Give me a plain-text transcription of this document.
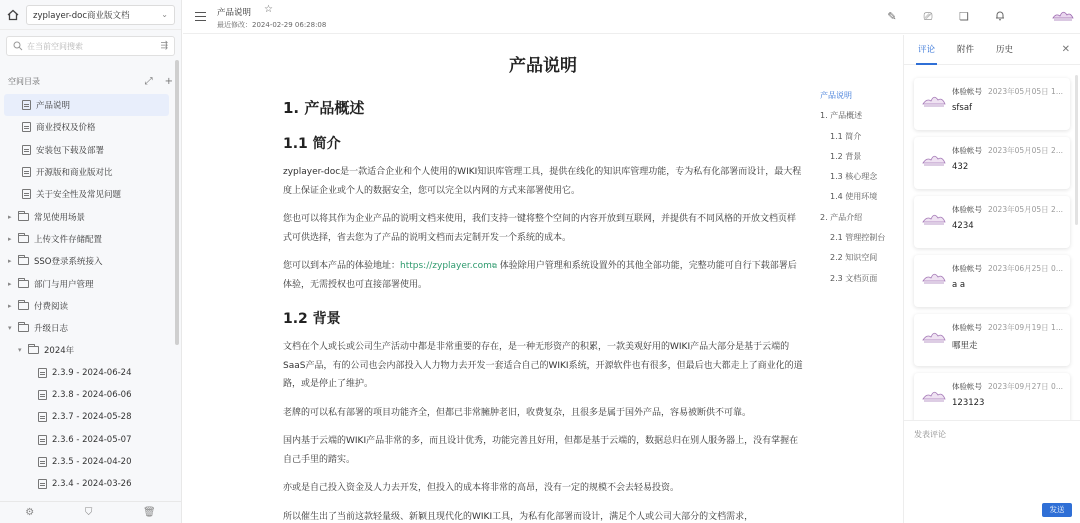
zyplayer-doc商业版文档	⌄
在当前空间搜索	⇶
空间目录	⤢ +
产品说明
商业授权及价格
安装包下载及部署
开源版和商业版对比
关于安全性及常见问题
▸	常见使用场景
▸	上传文件存储配置
▸	SSO登录系统接入
▸	部门与用户管理
▸	付费阅读
▾	升级日志
▾	2024年
2.3.9 - 2024-06-24
2.3.8 - 2024-06-06
2.3.7 - 2024-05-28
2.3.6 - 2024-05-07
2.3.5 - 2024-04-20
2.3.4 - 2024-03-26
⚙	⛉	🗑
产品说明 ☆
最近修改：2024-02-29 06:28:08
✎	⎚	❏
产品说明
1. 产品概述
1.1 简介
zyplayer-doc是一款适合企业和个人使用的WIKI知识库管理工具，提供在线化的知识库管理功能，专为私有化部署而设计，最大程度上保证企业或个人的数据安全，您可以完全以内网的方式来部署使用它。
您也可以将其作为企业产品的说明文档来使用，我们支持一键将整个空间的内容开放到互联网，并提供有不同风格的开放文档页样式可供选择，省去您为了产品的说明文档而去定制开发一个系统的成本。
您可以到本产品的体验地址：https://zyplayer.com⧉ 体验除用户管理和系统设置外的其他全部功能，完整功能可自行下载部署后体验，无需授权也可直接部署使用。
1.2 背景
文档在个人或长或公司生产活动中都是非常重要的存在，是一种无形资产的积累，一款美观好用的WIKI产品大部分是基于云端的SaaS产品，有的公司也会内部投入人力物力去开发一套适合自己的WIKI系统，开源软件也有很多，但最后也大都走上了商业化的道路，或是停止了维护。
老牌的可以私有部署的项目功能齐全，但都已非常臃肿老旧，收费复杂，且很多是属于国外产品，容易被断供不可靠。
国内基于云端的WIKI产品非常的多，而且设计优秀，功能完善且好用，但都是基于云端的，数据总归在别人服务器上，没有掌握在自己手里的踏实。
亦或是自己投入资金及人力去开发，但投入的成本将非常的高昂，没有一定的规模不会去轻易投资。
所以催生出了当前这款轻量级、新颖且现代化的WIKI工具，为私有化部署而设计，满足个人或公司大部分的文档需求，
产品说明
1. 产品概述
1.1 简介
1.2 背景
1.3 核心理念
1.4 使用环境
2. 产品介绍
2.1 管理控制台
2.2 知识空间
2.3 文档页面
评论	附件	历史	✕
体验帐号 2023年05月05日 1...
sfsaf
体验帐号 2023年05月05日 2...
432
体验帐号 2023年05月05日 2...
4234
体验帐号 2023年06月25日 0...
a a
体验帐号 2023年09月19日 1...
哪里走
体验帐号 2023年09月27日 0...
123123
发表评论
发送
